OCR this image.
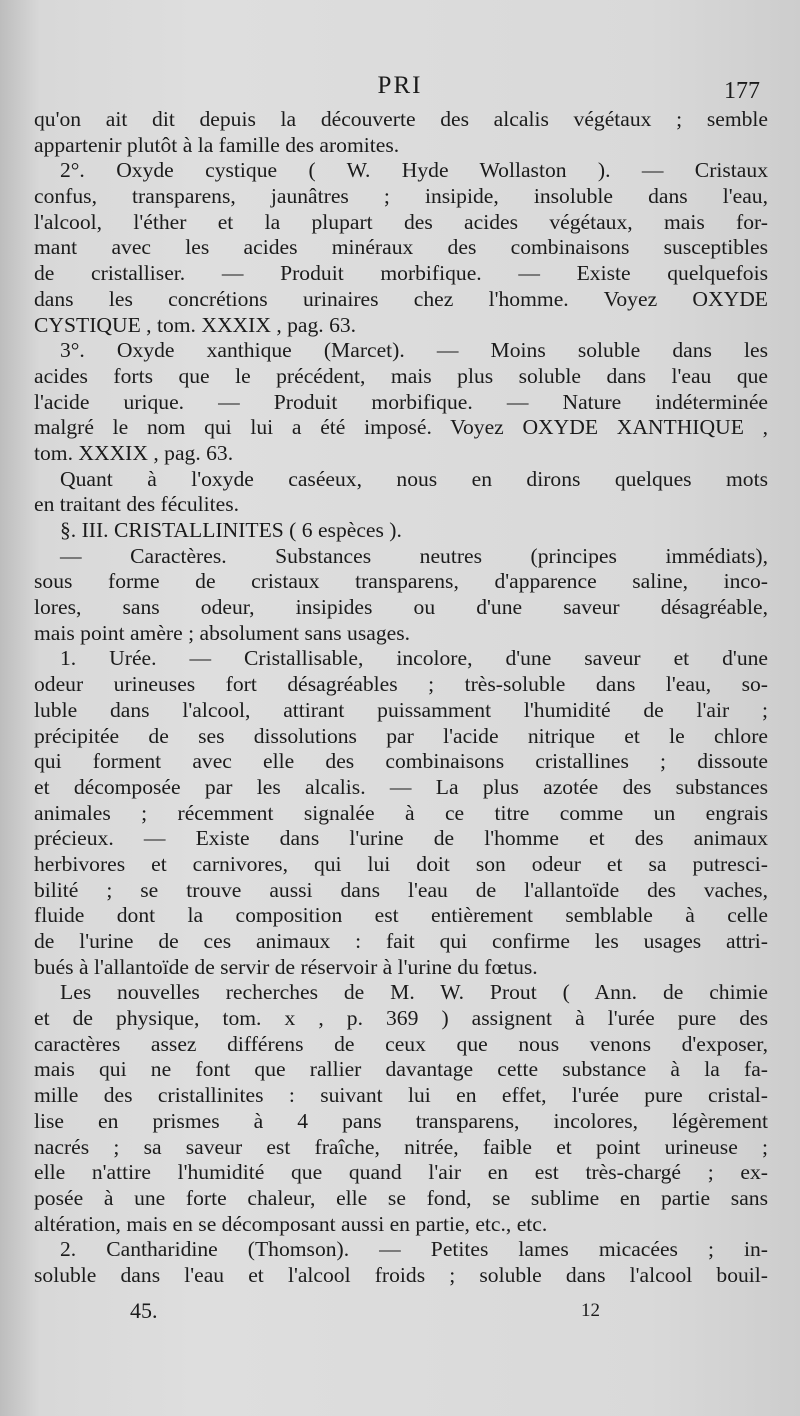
PRI	177
qu'on ait dit depuis la découverte des alcalis végétaux ; semble
appartenir plutôt à la famille des aromites.
2°. Oxyde cystique ( W. Hyde Wollaston ). — Cristaux
confus, transparens, jaunâtres ; insipide, insoluble dans l'eau,
l'alcool, l'éther et la plupart des acides végétaux, mais for-
mant avec les acides minéraux des combinaisons susceptibles
de cristalliser. — Produit morbifique. — Existe quelquefois
dans les concrétions urinaires chez l'homme. Voyez OXYDE
CYSTIQUE , tom. XXXIX , pag. 63.
3°. Oxyde xanthique (Marcet). — Moins soluble dans les
acides forts que le précédent, mais plus soluble dans l'eau que
l'acide urique. — Produit morbifique. — Nature indéterminée
malgré le nom qui lui a été imposé. Voyez OXYDE XANTHIQUE ,
tom. XXXIX , pag. 63.
Quant à l'oxyde caséeux, nous en dirons quelques mots
en traitant des féculites.
§. III. CRISTALLINITES ( 6 espèces ).
— Caractères. Substances neutres (principes immédiats),
sous forme de cristaux transparens, d'apparence saline, inco-
lores, sans odeur, insipides ou d'une saveur désagréable,
mais point amère ; absolument sans usages.
1. Urée. — Cristallisable, incolore, d'une saveur et d'une
odeur urineuses fort désagréables ; très-soluble dans l'eau, so-
luble dans l'alcool, attirant puissamment l'humidité de l'air ;
précipitée de ses dissolutions par l'acide nitrique et le chlore
qui forment avec elle des combinaisons cristallines ; dissoute
et décomposée par les alcalis. — La plus azotée des substances
animales ; récemment signalée à ce titre comme un engrais
précieux. — Existe dans l'urine de l'homme et des animaux
herbivores et carnivores, qui lui doit son odeur et sa putresci-
bilité ; se trouve aussi dans l'eau de l'allantoïde des vaches,
fluide dont la composition est entièrement semblable à celle
de l'urine de ces animaux : fait qui confirme les usages attri-
bués à l'allantoïde de servir de réservoir à l'urine du fœtus.
Les nouvelles recherches de M. W. Prout ( Ann. de chimie
et de physique, tom. x , p. 369 ) assignent à l'urée pure des
caractères assez différens de ceux que nous venons d'exposer,
mais qui ne font que rallier davantage cette substance à la fa-
mille des cristallinites : suivant lui en effet, l'urée pure cristal-
lise en prismes à 4 pans transparens, incolores, légèrement
nacrés ; sa saveur est fraîche, nitrée, faible et point urineuse ;
elle n'attire l'humidité que quand l'air en est très-chargé ; ex-
posée à une forte chaleur, elle se fond, se sublime en partie sans
altération, mais en se décomposant aussi en partie, etc., etc.
2. Cantharidine (Thomson). — Petites lames micacées ; in-
soluble dans l'eau et l'alcool froids ; soluble dans l'alcool bouil-
45.	12
